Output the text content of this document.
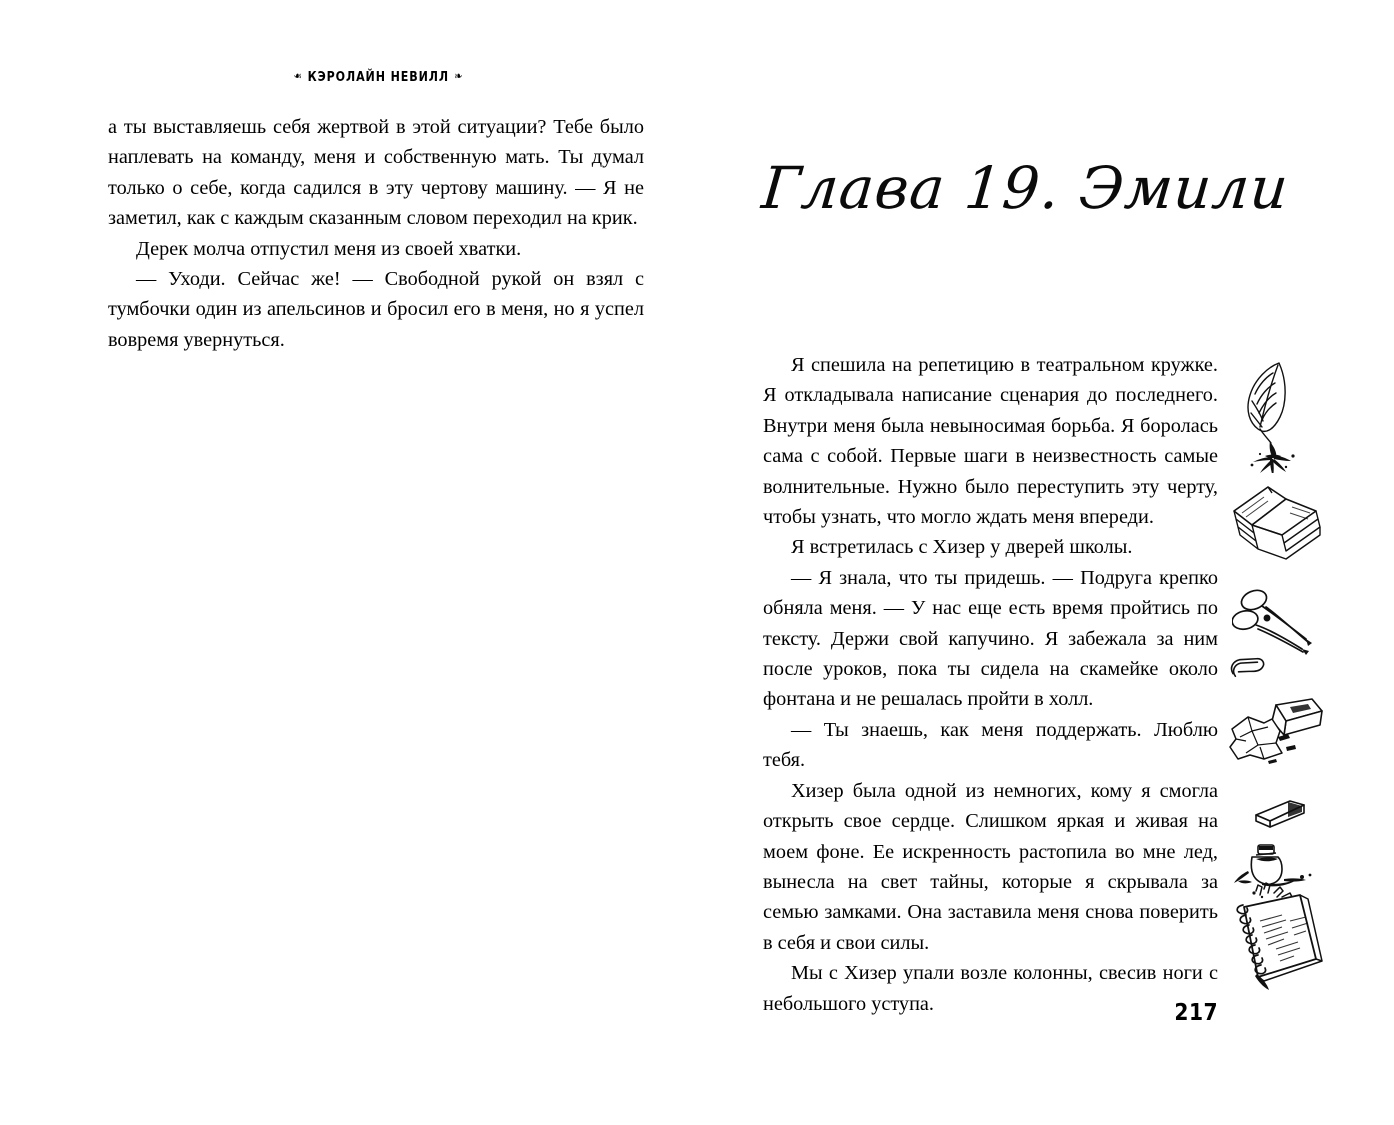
❧ КЭРОЛАЙН НЕВИЛЛ ❧

а ты выставляешь себя жертвой в этой ситуации? Тебе было наплевать на команду, меня и собственную мать. Ты думал только о себе, когда садился в эту чертову машину. — Я не заметил, как с каждым сказанным словом переходил на крик.

Дерек молча отпустил меня из своей хватки.

— Уходи. Сейчас же! — Свободной рукой он взял с тумбочки один из апельсинов и бросил его в меня, но я успел вовремя увернуться.

Глава 19. Эмили

Я спешила на репетицию в театральном кружке. Я откладывала написание сценария до последнего. Внутри меня была невыносимая борьба. Я боролась сама с собой. Первые шаги в неизвестность самые волнительные. Нужно было переступить эту черту, чтобы узнать, что могло ждать меня впереди.

Я встретилась с Хизер у дверей школы.

— Я знала, что ты придешь. — Подруга крепко обняла меня. — У нас еще есть время пройтись по тексту. Держи свой капучино. Я забежала за ним после уроков, пока ты сидела на скамейке около фонтана и не решалась пройти в холл.

— Ты знаешь, как меня поддержать. Люблю тебя.

Хизер была одной из немногих, кому я смогла открыть свое сердце. Слишком яркая и живая на моем фоне. Ее искренность растопила во мне лед, вынесла на свет тайны, которые я скрывала за семью замками. Она заставила меня снова поверить в себя и свои силы.

Мы с Хизер упали возле колонны, свесив ноги с небольшого уступа.	217
